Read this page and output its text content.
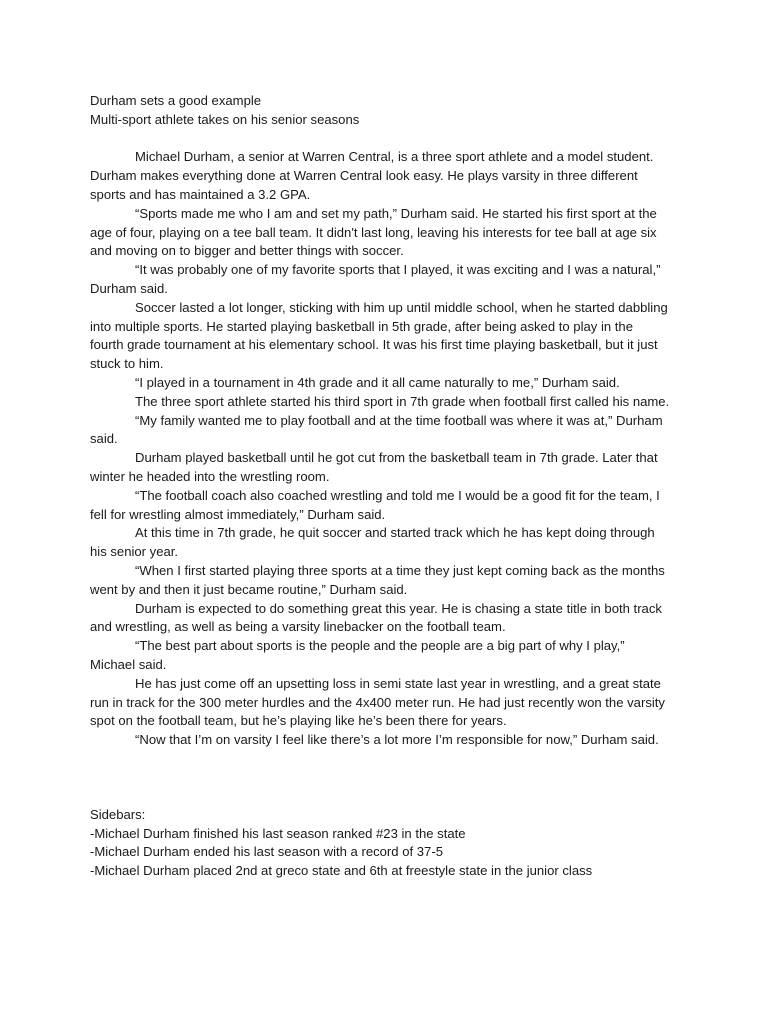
Durham sets a good example

Multi-sport athlete takes on his senior seasons

Michael Durham, a senior at Warren Central, is a three sport athlete and a model student. Durham makes everything done at Warren Central look easy. He plays varsity in three different sports and has maintained a 3.2 GPA.

“Sports made me who I am and set my path,” Durham said. He started his first sport at the age of four, playing on a tee ball team. It didn't last long, leaving his interests for tee ball at age six and moving on to bigger and better things with soccer.

“It was probably one of my favorite sports that I played, it was exciting and I was a natural,” Durham said.

Soccer lasted a lot longer, sticking with him up until middle school, when he started dabbling into multiple sports. He started playing basketball in 5th grade, after being asked to play in the fourth grade tournament at his elementary school. It was his first time playing basketball, but it just stuck to him.

“I played in a tournament in 4th grade and it all came naturally to me,” Durham said.

The three sport athlete started his third sport in 7th grade when football first called his name.

“My family wanted me to play football and at the time football was where it was at,” Durham said.

Durham played basketball until he got cut from the basketball team in 7th grade. Later that winter he headed into the wrestling room.

“The football coach also coached wrestling and told me I would be a good fit for the team, I fell for wrestling almost immediately,” Durham said.

At this time in 7th grade, he quit soccer and started track which he has kept doing through his senior year.

“When I first started playing three sports at a time they just kept coming back as the months went by and then it just became routine,” Durham said.

Durham is expected to do something great this year. He is chasing a state title in both track and wrestling, as well as being a varsity linebacker on the football team.

“The best part about sports is the people and the people are a big part of why I play,” Michael said.

He has just come off an upsetting loss in semi state last year in wrestling, and a great state run in track for the 300 meter hurdles and the 4x400 meter run. He had just recently won the varsity spot on the football team, but he’s playing like he’s been there for years.

“Now that I’m on varsity I feel like there’s a lot more I’m responsible for now,” Durham said.

Sidebars:

-Michael Durham finished his last season ranked #23 in the state

-Michael Durham ended his last season with a record of 37-5

-Michael Durham placed 2nd at greco state and 6th at freestyle state in the junior class
